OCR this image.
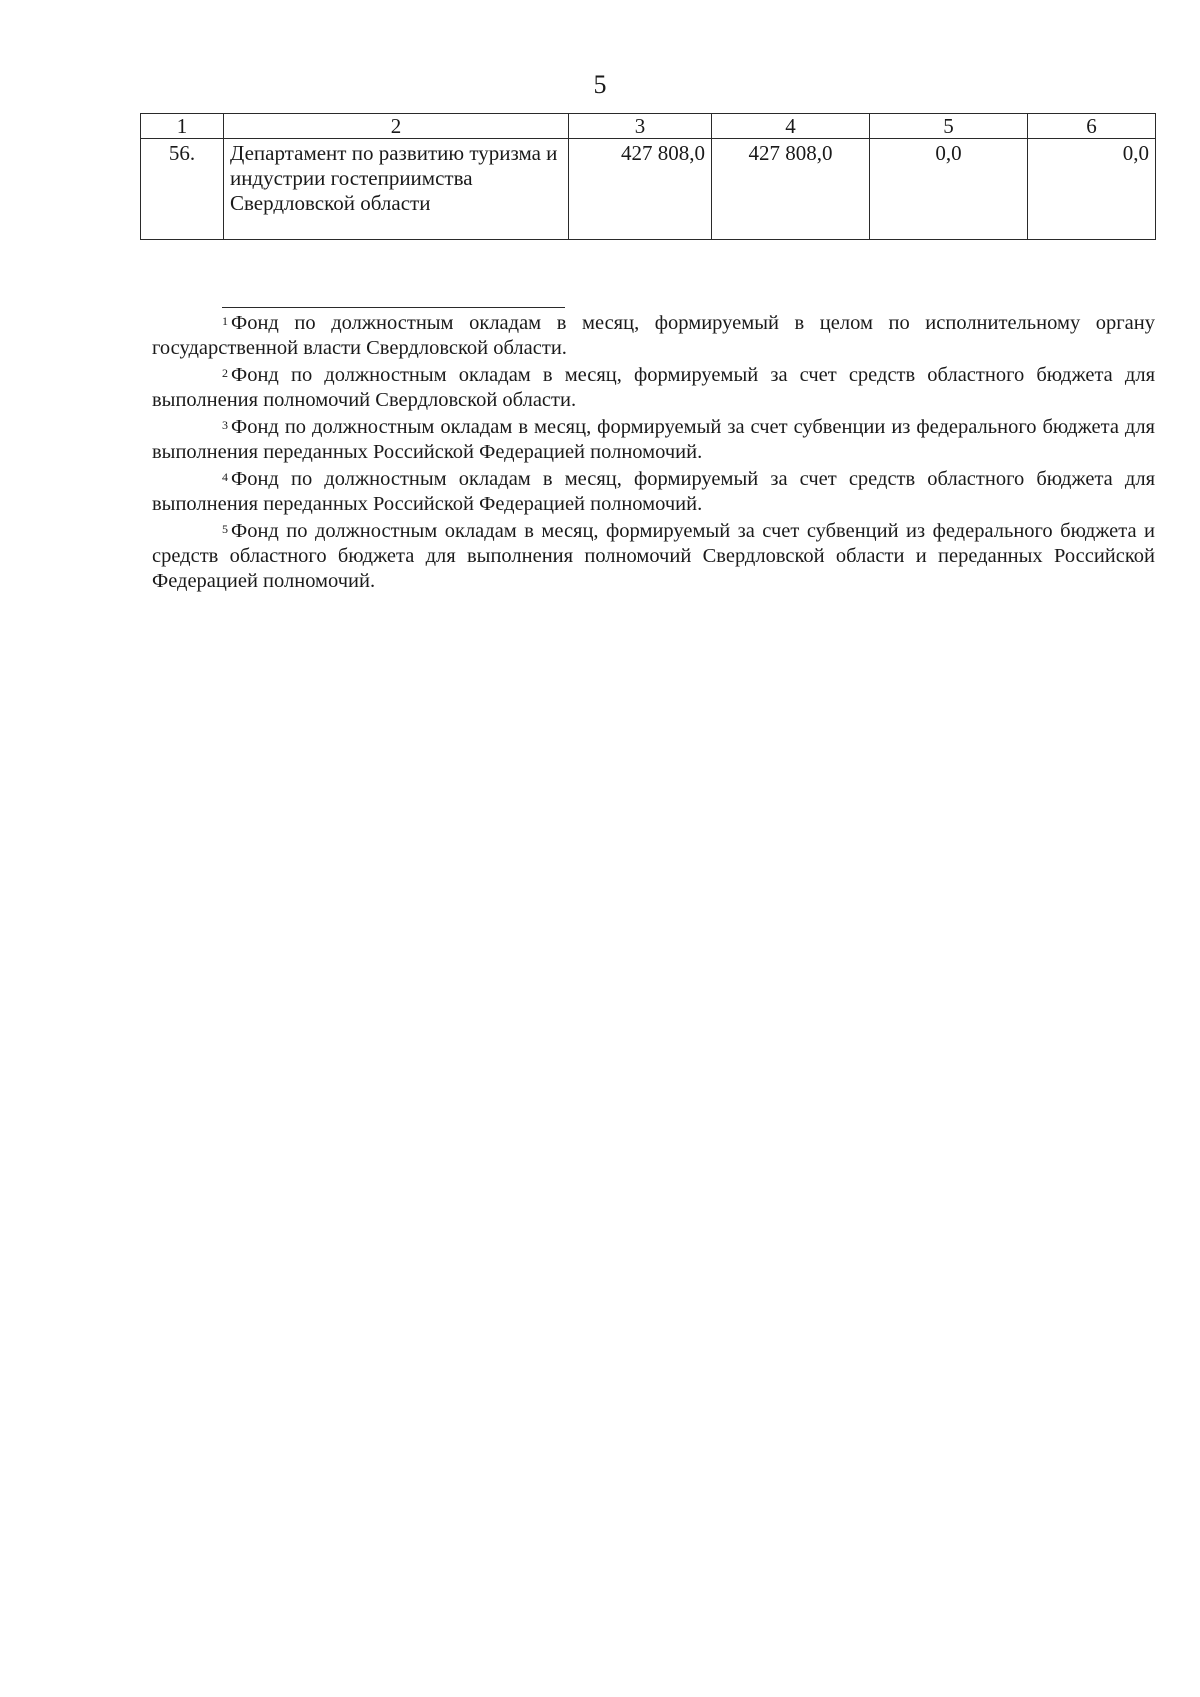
5
1	2	3	4	5	6
56.	Департамент по развитию туризма и индустрии гостеприимства Свердловской области	427 808,0	427 808,0	0,0	0,0

$^1$ Фонд по должностным окладам в месяц, формируемый в целом по исполнительному органу государственной власти Свердловской области.

$^2$ Фонд по должностным окладам в месяц, формируемый за счет средств областного бюджета для выполнения полномочий Свердловской области.

$^3$ Фонд по должностным окладам в месяц, формируемый за счет субвенции из федерального бюджета для выполнения переданных Российской Федерацией полномочий.

$^4$ Фонд по должностным окладам в месяц, формируемый за счет средств областного бюджета для выполнения переданных Российской Федерацией полномочий.

$^5$ Фонд по должностным окладам в месяц, формируемый за счет субвенций из федерального бюджета и средств областного бюджета для выполнения полномочий Свердловской области и переданных Российской Федерацией полномочий.
